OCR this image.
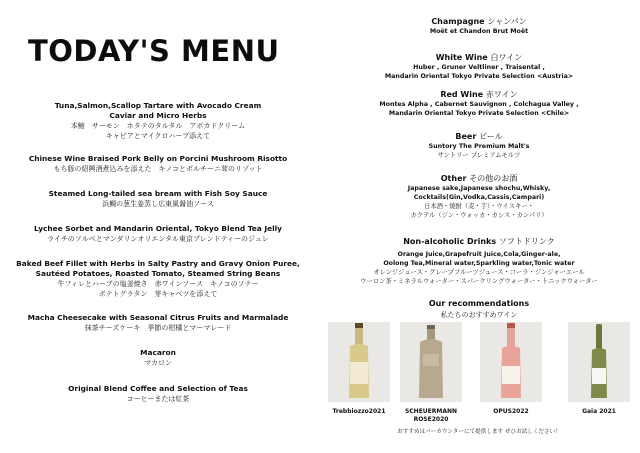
TODAY'S MENU
Tuna,Salmon,Scallop Tartare with Avocado Cream
Caviar and Micro Herbs
本鮪　サーモン　ホタテのタルタル　アボカドクリーム
キャビアとマイクロハーブ添えて
Chinese Wine Braised Pork Belly on Porcini Mushroom Risotto
もち豚の紹興酒煮込みを添えた　キノコとポルチーニ茸のリゾット
Steamed Long-tailed sea bream with Fish Soy Sauce
浜鯛の葱生姜蒸し広東風醤油ソース
Lychee Sorbet and Mandarin Oriental, Tokyo Blend Tea Jelly
ライチのソルベとマンダリンオリエンタル東京ブレンドティーのジュレ
Baked Beef Fillet with Herbs in Salty Pastry and Gravy Onion Puree,
Sautéed Potatoes, Roasted Tomato, Steamed String Beans
牛フィレとハーブの塩釜焼き　赤ワインソース　キノコのソテー
ポテトグラタン　芽キャベツを添えて
Macha Cheesecake with Seasonal Citrus Fruits and Marmalade
抹茶チーズケーキ　季節の柑橘とマーマレード
Macaron
マカロン
Original Blend Coffee and Selection of Teas
コーヒーまたは紅茶
Champagne シャンパン
Moët et Chandon Brut Moët
White Wine 白ワイン
Huber , Gruner Veltliner , Traisental ,
Mandarin Oriental Tokyo Private Selection <Austria>
Red Wine 赤ワイン
Montes Alpha , Cabernet Sauvignon , Colchagua Valley ,
Mandarin Oriental Tokyo Private Selection <Chile>
Beer ビール
Suntory The Premium Malt's
サントリー プレミアムモルツ
Other その他のお酒
Japanese sake,Japanese shochu,Whisky,
Cocktails(Gin,Vodka,Cassis,Campari)
日本酒・焼酎（麦・芋）・ウイスキー・
カクテル（ジン・ウォッカ・カシス・カンパリ）
Non-alcoholic Drinks ソフトドリンク
Orange Juice,Grapefruit Juice,Cola,Ginger-ale,
Oolong Tea,Mineral water,Sparkling water,Tonic water
オレンジジュース・グレープフルーツジュース・コーラ・ジンジャーエール
ウーロン茶・ミネラルウォーター・スパークリングウォーター・トニックウォーター
Our recommendations
私たちのおすすめワイン
Trebbiozzo2021	SCHEUERMANN
ROSE2020
OPUS2022	Gaia 2021
おすすめはバーカウンターにて提供します ぜひお試しください！
